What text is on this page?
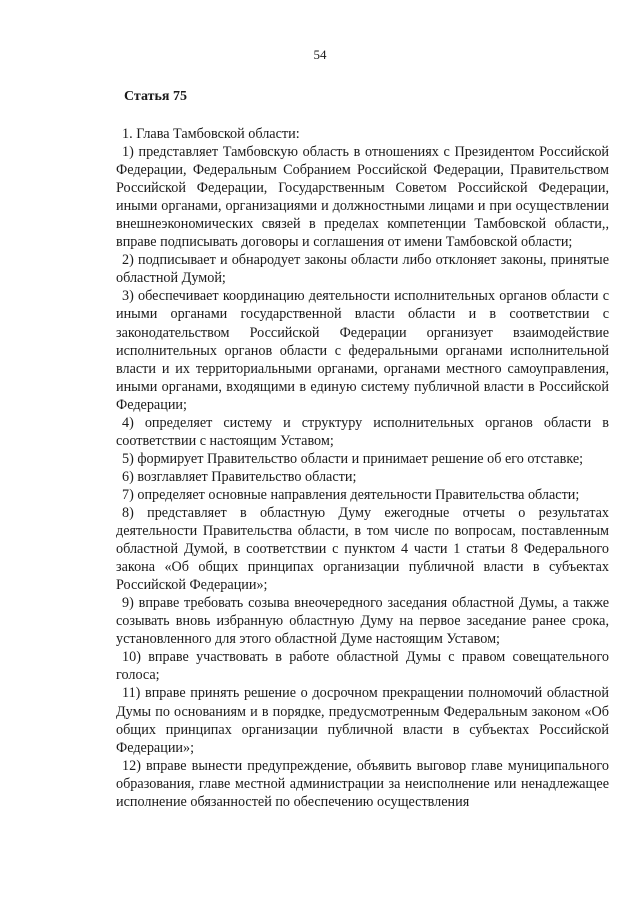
54
Статья 75

1. Глава Тамбовской области:

1) представляет Тамбовскую область в отношениях с Президентом Российской Федерации, Федеральным Собранием Российской Федерации, Правительством Российской Федерации, Государственным Советом Российской Федерации, иными органами, организациями и должностными лицами и при осуществлении внешнеэкономических связей в пределах компетенции Тамбовской области,, вправе подписывать договоры и соглашения от имени Тамбовской области;

2) подписывает и обнародует законы области либо отклоняет законы, принятые областной Думой;

3) обеспечивает координацию деятельности исполнительных органов области с иными органами государственной власти области и в соответствии с законодательством Российской Федерации организует взаимодействие исполнительных органов области с федеральными органами исполнительной власти и их территориальными органами, органами местного самоуправления, иными органами, входящими в единую систему публичной власти в Российской Федерации;

4) определяет систему и структуру исполнительных органов области в соответствии с настоящим Уставом;

5) формирует Правительство области и принимает решение об его отставке;

6) возглавляет Правительство области;

7) определяет основные направления деятельности Правительства области;

8) представляет в областную Думу ежегодные отчеты о результатах деятельности Правительства области, в том числе по вопросам, поставленным областной Думой, в соответствии с пунктом 4 части 1 статьи 8 Федерального закона «Об общих принципах организации публичной власти в субъектах Российской Федерации»;

9) вправе требовать созыва внеочередного заседания областной Думы, а также созывать вновь избранную областную Думу на первое заседание ранее срока, установленного для этого областной Думе настоящим Уставом;

10) вправе участвовать в работе областной Думы с правом совещательного голоса;

11) вправе принять решение о досрочном прекращении полномочий областной Думы по основаниям и в порядке, предусмотренным Федеральным законом «Об общих принципах организации публичной власти в субъектах Российской Федерации»;

12) вправе вынести предупреждение, объявить выговор главе муниципального образования, главе местной администрации за неисполнение или ненадлежащее исполнение обязанностей по обеспечению осуществления
